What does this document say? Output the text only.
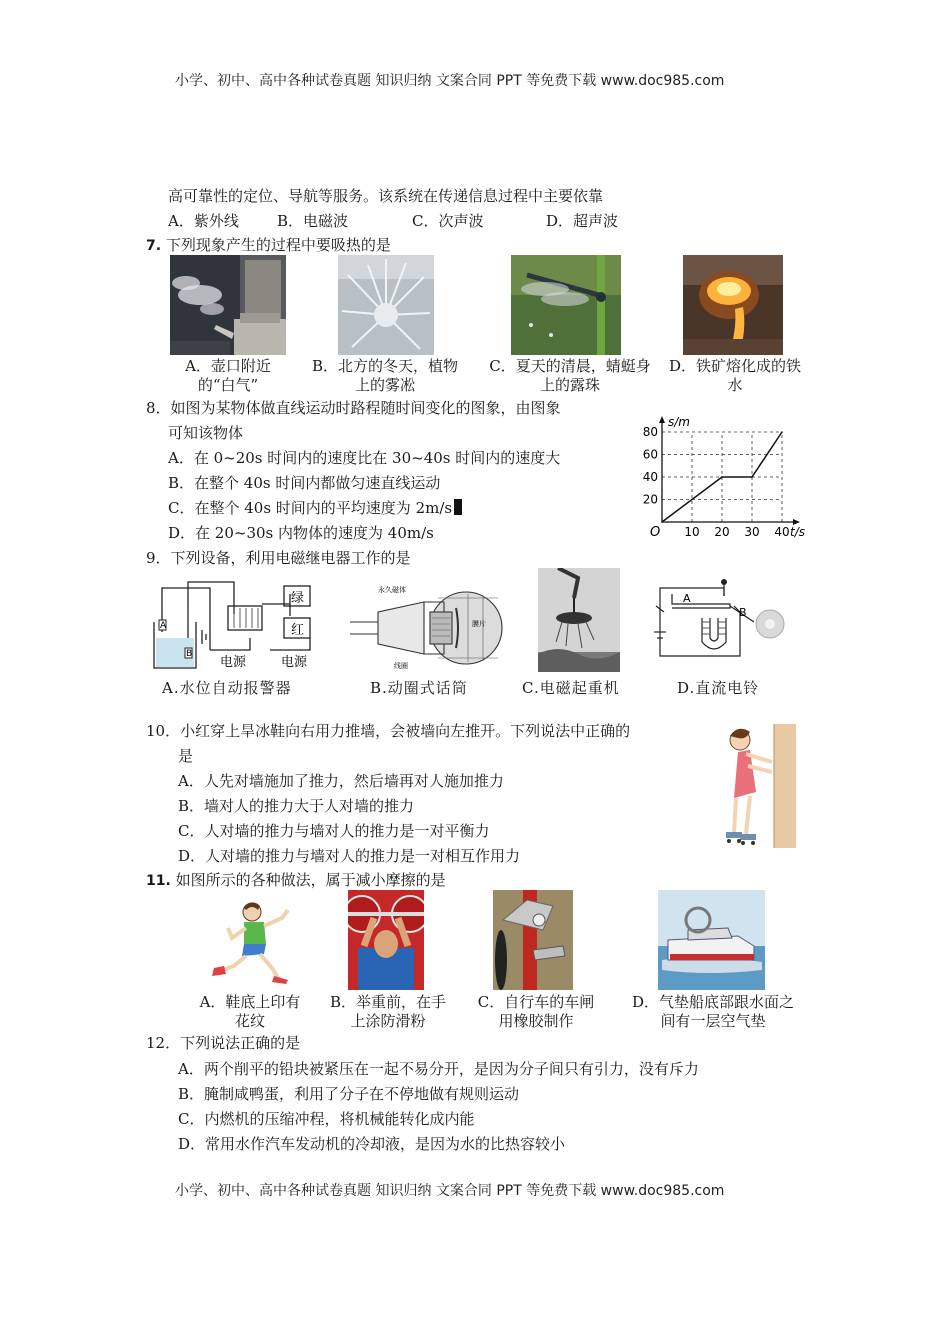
小学、初中、高中各种试卷真题 知识归纳 文案合同 PPT 等免费下载 www.doc985.com
小学、初中、高中各种试卷真题 知识归纳 文案合同 PPT 等免费下载 www.doc985.com
高可靠性的定位、导航等服务。该系统在传递信息过程中主要依靠
A．紫外线	B．电磁波	C．次声波	D．超声波
7. 下列现象产生的过程中要吸热的是
A．壶口附近
的“白气”
B．北方的冬天，植物
上的雾凇
C．夏天的清晨，蜻蜓身
上的露珠
D．铁矿熔化成的铁
水
8．如图为某物体做直线运动时路程随时间变化的图象，由图象
可知该物体
A．在 0~20s 时间内的速度比在 30~40s 时间内的速度大
B．在整个 40s 时间内都做匀速直线运动
C．在整个 40s 时间内的平均速度为 2m/s
D．在 20~30s 内物体的速度为 40m/s	10 20 30 40
20
40
60
80
O	t/s
s/m
9．下列设备，利用电磁继电器工作的是
A
B
绿
红
电源	电源
永久磁体
线圈
膜片
A
B
A.水位自动报警器	B.动圈式话筒	C.电磁起重机	D.直流电铃
10．小红穿上旱冰鞋向右用力推墙，会被墙向左推开。下列说法中正确的
是
A．人先对墙施加了推力，然后墙再对人施加推力
B．墙对人的推力大于人对墙的推力
C．人对墙的推力与墙对人的推力是一对平衡力
D．人对墙的推力与墙对人的推力是一对相互作用力
11. 如图所示的各种做法，属于减小摩擦的是
A．鞋底上印有
花纹
B．举重前，在手
上涂防滑粉
C．自行车的车闸
用橡胶制作
D．气垫船底部跟水面之
间有一层空气垫
12．下列说法正确的是
A．两个削平的铅块被紧压在一起不易分开，是因为分子间只有引力，没有斥力
B．腌制咸鸭蛋，利用了分子在不停地做有规则运动
C．内燃机的压缩冲程，将机械能转化成内能
D．常用水作汽车发动机的冷却液，是因为水的比热容较小
